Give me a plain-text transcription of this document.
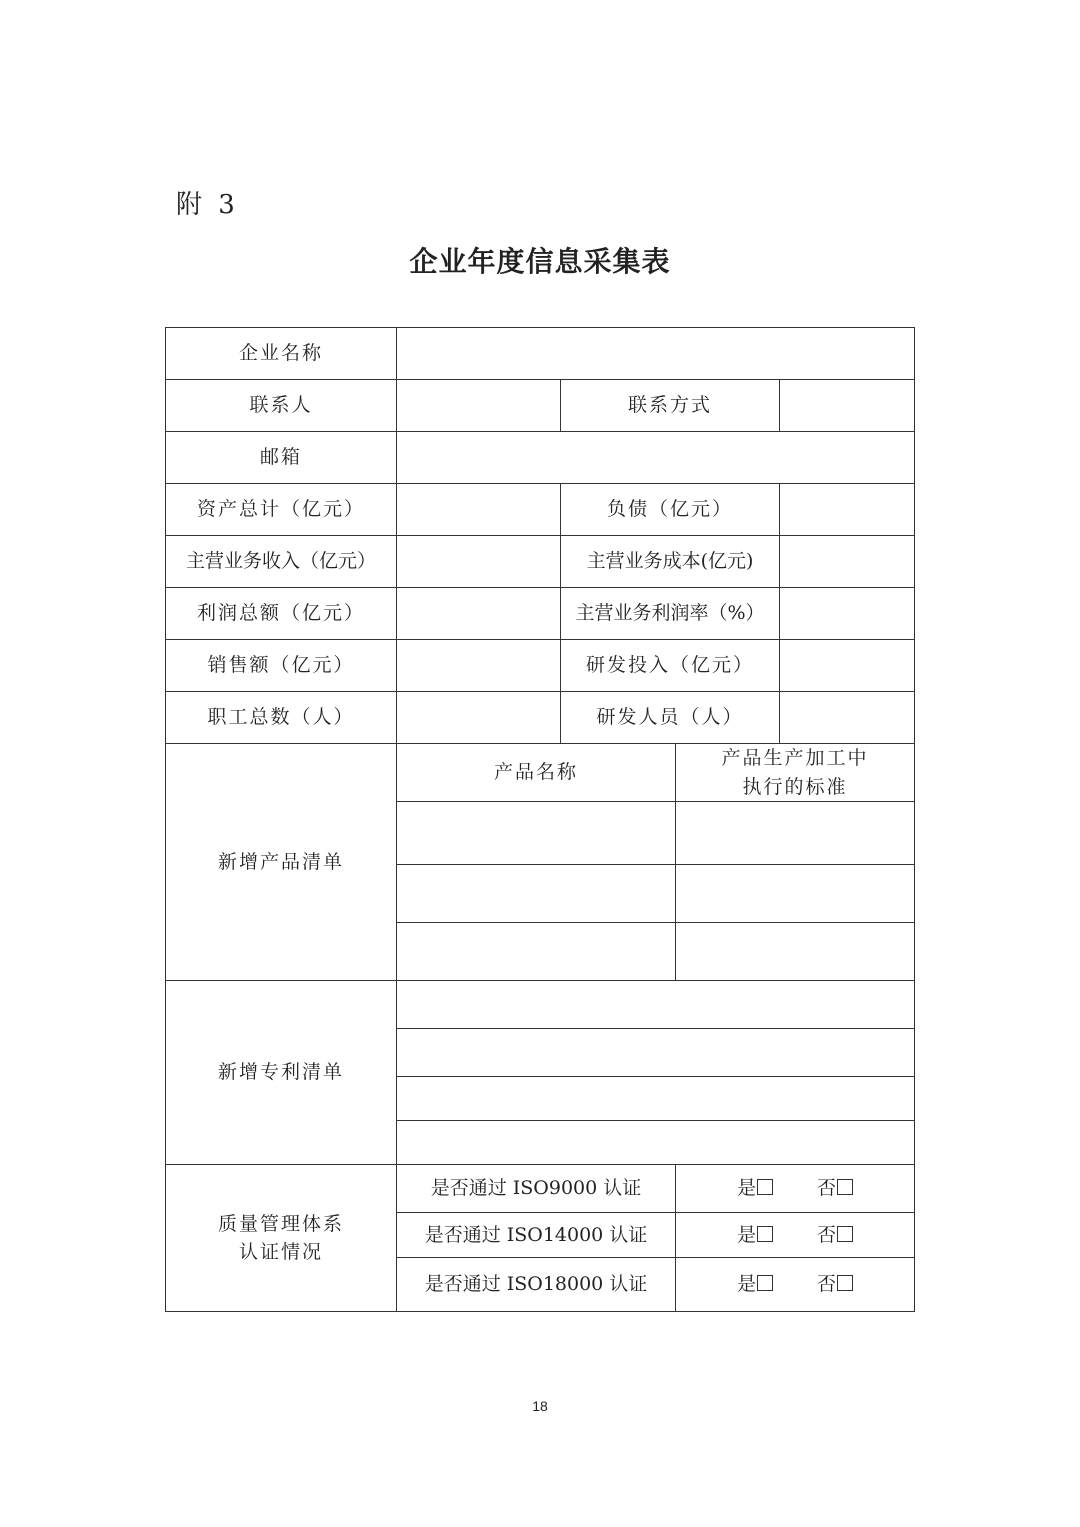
附 3
企业年度信息采集表
企业名称				
联系人		联系方式		
邮箱				
资产总计（亿元）		负债（亿元）		
主营业务收入（亿元）		主营业务成本(亿元)		
利润总额（亿元）		主营业务利润率（%）		
销售额（亿元）		研发投入（亿元）		
职工总数（人）		研发人员（人）		
新增产品清单	产品名称		产品生产加工中
执行的标准	

新增专利清单				

质量管理体系
认证情况	是否通过 ISO9000 认证		是 否	
	是否通过 ISO14000 认证		是 否	
	是否通过 ISO18000 认证		是 否	
18
